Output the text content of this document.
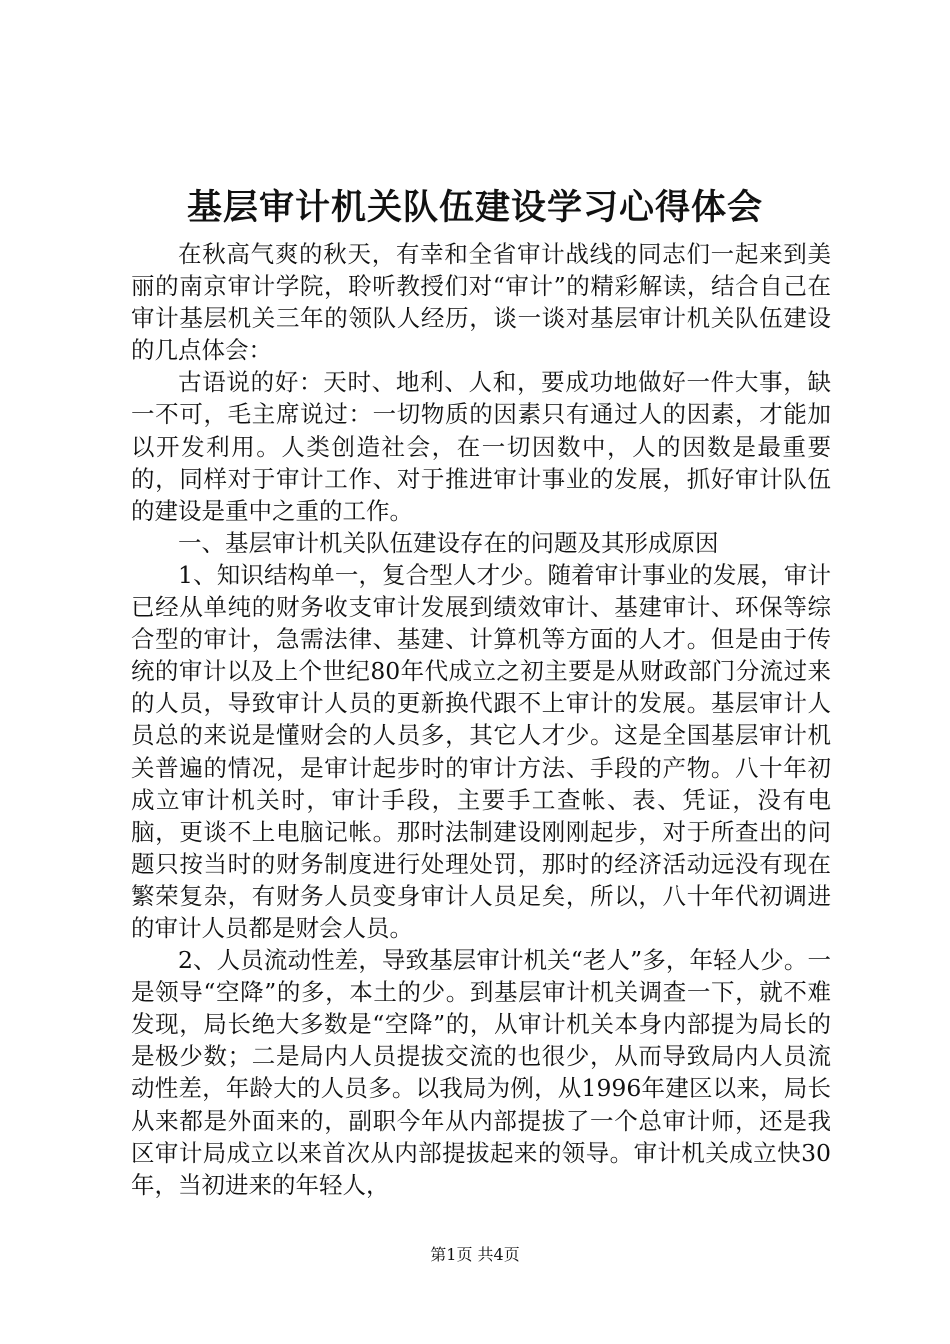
基层审计机关队伍建设学习心得体会

在秋高气爽的秋天，有幸和全省审计战线的同志们一起来到美丽的南京审计学院，聆听教授们对“审计”的精彩解读，结合自己在审计基层机关三年的领队人经历，谈一谈对基层审计机关队伍建设的几点体会：

古语说的好：天时、地利、人和，要成功地做好一件大事，缺一不可，毛主席说过：一切物质的因素只有通过人的因素，才能加以开发利用。人类创造社会，在一切因数中，人的因数是最重要的，同样对于审计工作、对于推进审计事业的发展，抓好审计队伍的建设是重中之重的工作。

一、基层审计机关队伍建设存在的问题及其形成原因

1、知识结构单一，复合型人才少。随着审计事业的发展，审计已经从单纯的财务收支审计发展到绩效审计、基建审计、环保等综合型的审计，急需法律、基建、计算机等方面的人才。但是由于传统的审计以及上个世纪80年代成立之初主要是从财政部门分流过来的人员，导致审计人员的更新换代跟不上审计的发展。基层审计人员总的来说是懂财会的人员多，其它人才少。这是全国基层审计机关普遍的情况，是审计起步时的审计方法、手段的产物。八十年初成立审计机关时，审计手段，主要手工查帐、表、凭证，没有电脑，更谈不上电脑记帐。那时法制建设刚刚起步，对于所查出的问题只按当时的财务制度进行处理处罚，那时的经济活动远没有现在繁荣复杂，有财务人员变身审计人员足矣，所以，八十年代初调进的审计人员都是财会人员。

2、人员流动性差，导致基层审计机关“老人”多，年轻人少。一是领导“空降”的多，本土的少。到基层审计机关调查一下，就不难发现，局长绝大多数是“空降”的，从审计机关本身内部提为局长的是极少数；二是局内人员提拔交流的也很少，从而导致局内人员流动性差，年龄大的人员多。以我局为例，从1996年建区以来，局长从来都是外面来的，副职今年从内部提拔了一个总审计师，还是我区审计局成立以来首次从内部提拔起来的领导。审计机关成立快30年，当初进来的年轻人，

第1页 共4页
